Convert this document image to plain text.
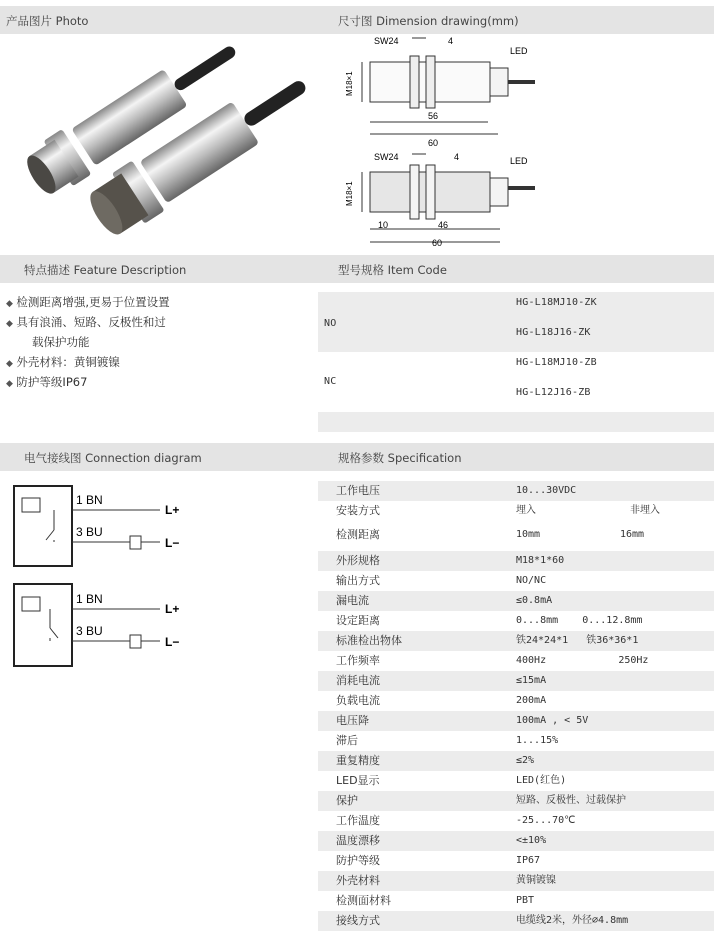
产品图片 Photo	尺寸图 Dimension drawing(mm)
SW24	4
LED
M18×1
56
60
SW24	4	LED
M18×1
10	46
60
特点描述 Feature Description	型号规格 Item Code
◆ 检测距离增强,更易于位置设置
◆ 具有浪涌、短路、反极性和过
载保护功能
◆ 外壳材料：黄铜镀镍
◆ 防护等级IP67
NO
HG-L18MJ10-ZK
HG-L18J16-ZK
NC
HG-L18MJ10-ZB
HG-L12J16-ZB
电气接线图 Connection diagram	规格参数 Specification
1 BN
3 BU
L+
L−
1 BN
3 BU
L+
L−
工作电压	10...30VDC
安装方式	埋入	非埋入
检测距离	10mm	16mm
外形规格	M18*1*60
输出方式	NO/NC
漏电流	≤0.8mA
设定距离	0...8mm    0...12.8mm
标准检出物体	铁24*24*1   铁36*36*1
工作频率	400Hz            250Hz
消耗电流	≤15mA
负载电流	200mA
电压降	100mA , < 5V
滞后	1...15%
重复精度	≤2%
LED显示	LED(红色)
保护	短路、反极性、过载保护
工作温度	-25...70℃
温度漂移	<±10%
防护等级	IP67
外壳材料	黄铜镀镍
检测面材料	PBT
接线方式	电缆线2米，外径∅4.8mm
